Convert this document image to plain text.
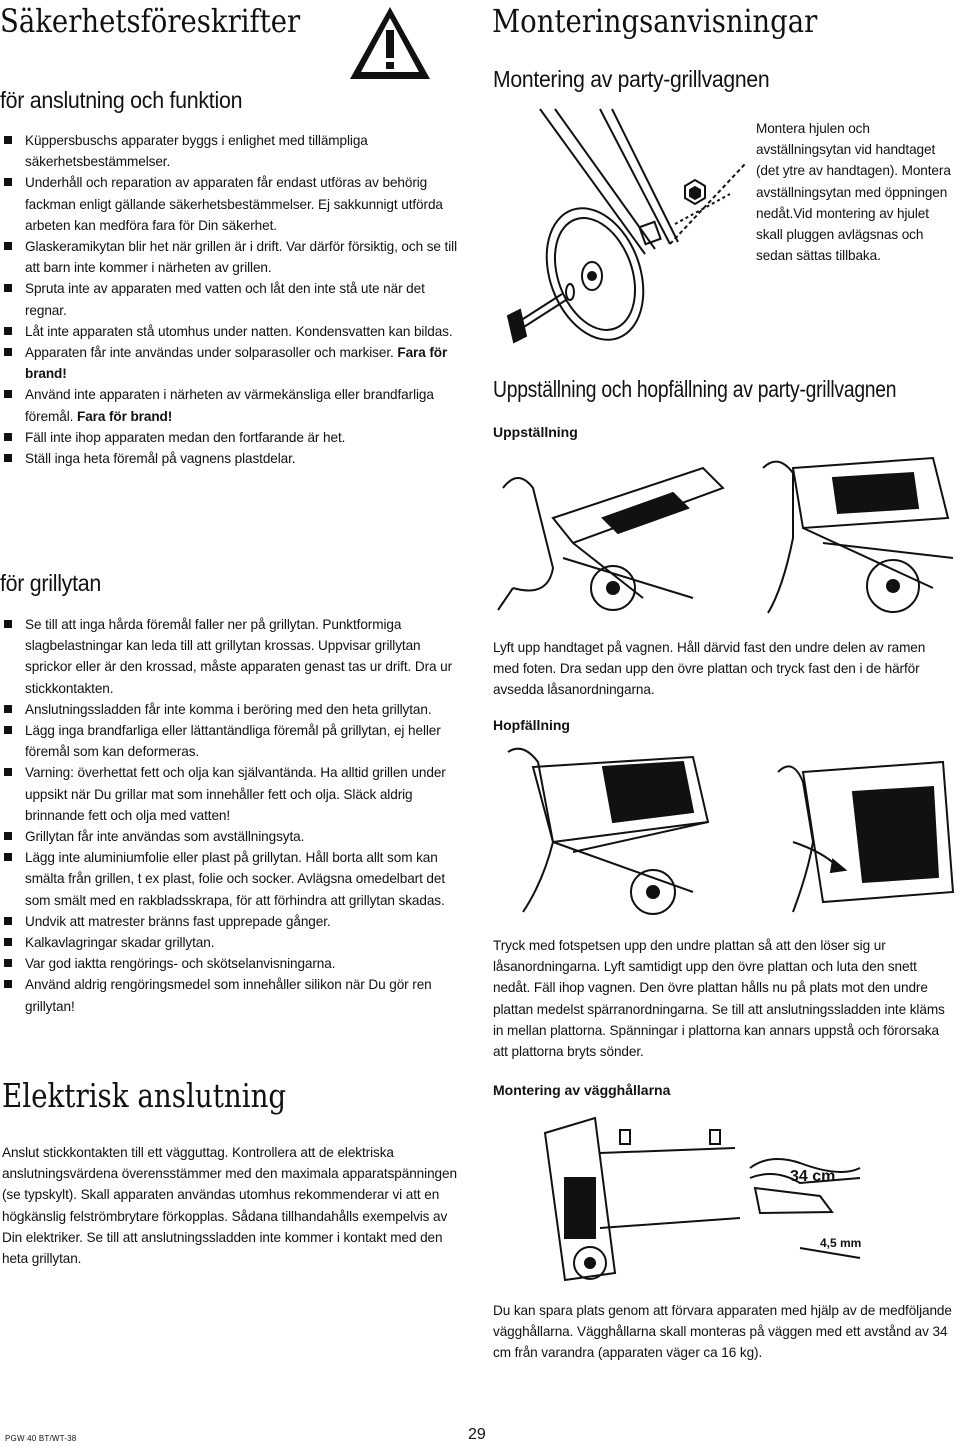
Säkerhetsföreskrifter
för anslutning och funktion
Küppersbuschs apparater byggs i enlighet med tillämpliga säkerhetsbestämmelser.
Underhåll och reparation av apparaten får endast utföras av behörig fackman enligt gällande säkerhetsbestämmelser. Ej sakkunnigt utförda arbeten kan medföra fara för Din säkerhet.
Glaskeramikytan blir het när grillen är i drift. Var därför försiktig, och se till att barn inte kommer i närheten av grillen.
Spruta inte av apparaten med vatten och låt den inte stå ute när det regnar.
Låt inte apparaten stå utomhus under natten. Kondensvatten kan bildas.
Apparaten får inte användas under solparasoller och markiser. Fara för brand!
Använd inte apparaten i närheten av värmekänsliga eller brandfarliga föremål. Fara för brand!
Fäll inte ihop apparaten medan den fortfarande är het.
Ställ inga heta föremål på vagnens plastdelar.
för grillytan
Se till att inga hårda föremål faller ner på grillytan. Punktformiga slagbelastningar kan leda till att grillytan krossas. Uppvisar grillytan sprickor eller är den krossad, måste apparaten genast tas ur drift. Dra ur stickkontakten.
Anslutningssladden får inte komma i beröring med den heta grillytan.
Lägg inga brandfarliga eller lättantändliga föremål på grillytan, ej heller föremål som kan deformeras.
Varning: överhettat fett och olja kan självantända. Ha alltid grillen under uppsikt när Du grillar mat som innehåller fett och olja. Släck aldrig brinnande fett och olja med vatten!
Grillytan får inte användas som avställningsyta.
Lägg inte aluminiumfolie eller plast på grillytan. Håll borta allt som kan smälta från grillen, t ex plast, folie och socker. Avlägsna omedelbart det som smält med en rakbladsskrapa, för att förhindra att grillytan skadas.
Undvik att matrester bränns fast upprepade gånger.
Kalkavlagringar skadar grillytan.
Var god iaktta rengörings- och skötselanvisningarna.
Använd aldrig rengöringsmedel som innehåller silikon när Du gör ren grillytan!
Elektrisk anslutning
Anslut stickkontakten till ett vägguttag. Kontrollera att de elektriska anslutningsvärdena överensstämmer med den maximala apparatspänningen (se typskylt). Skall apparaten användas utomhus rekommenderar vi att en högkänslig felströmbrytare förkopplas. Sådana tillhandahålls exempelvis av Din elektriker. Se till att anslutningssladden inte kommer i kontakt med den heta grillytan.
Monteringsanvisningar
Montering av party-grillvagnen
Montera hjulen och avställningsytan vid handtaget (det ytre av handtagen). Montera avställningsytan med öppningen nedåt.Vid montering av hjulet skall pluggen avlägsnas och sedan sättas tillbaka.
Uppställning och hopfällning av party-grillvagnen
Uppställning
Lyft upp handtaget på vagnen. Håll därvid fast den undre delen av ramen med foten. Dra sedan upp den övre plattan och tryck fast den i de härför avsedda låsanordningarna.
Hopfällning
Tryck med fotspetsen upp den undre plattan så att den löser sig ur låsanordningarna. Lyft samtidigt upp den övre plattan och luta den snett nedåt. Fäll ihop vagnen. Den övre plattan hålls nu på plats mot den undre plattan medelst spärranordningarna. Se till att anslutningssladden inte kläms in mellan plattorna. Spänningar i plattorna kan annars uppstå och förorsaka att plattorna bryts sönder.
Montering av vägghållarna
34 cm
4,5 mm
Du kan spara plats genom att förvara apparaten med hjälp av de medföljande vägghållarna. Vägghållarna skall monteras på väggen med ett avstånd av 34 cm från varandra (apparaten väger ca 16 kg).
PGW 40 BT/WT-38	29
